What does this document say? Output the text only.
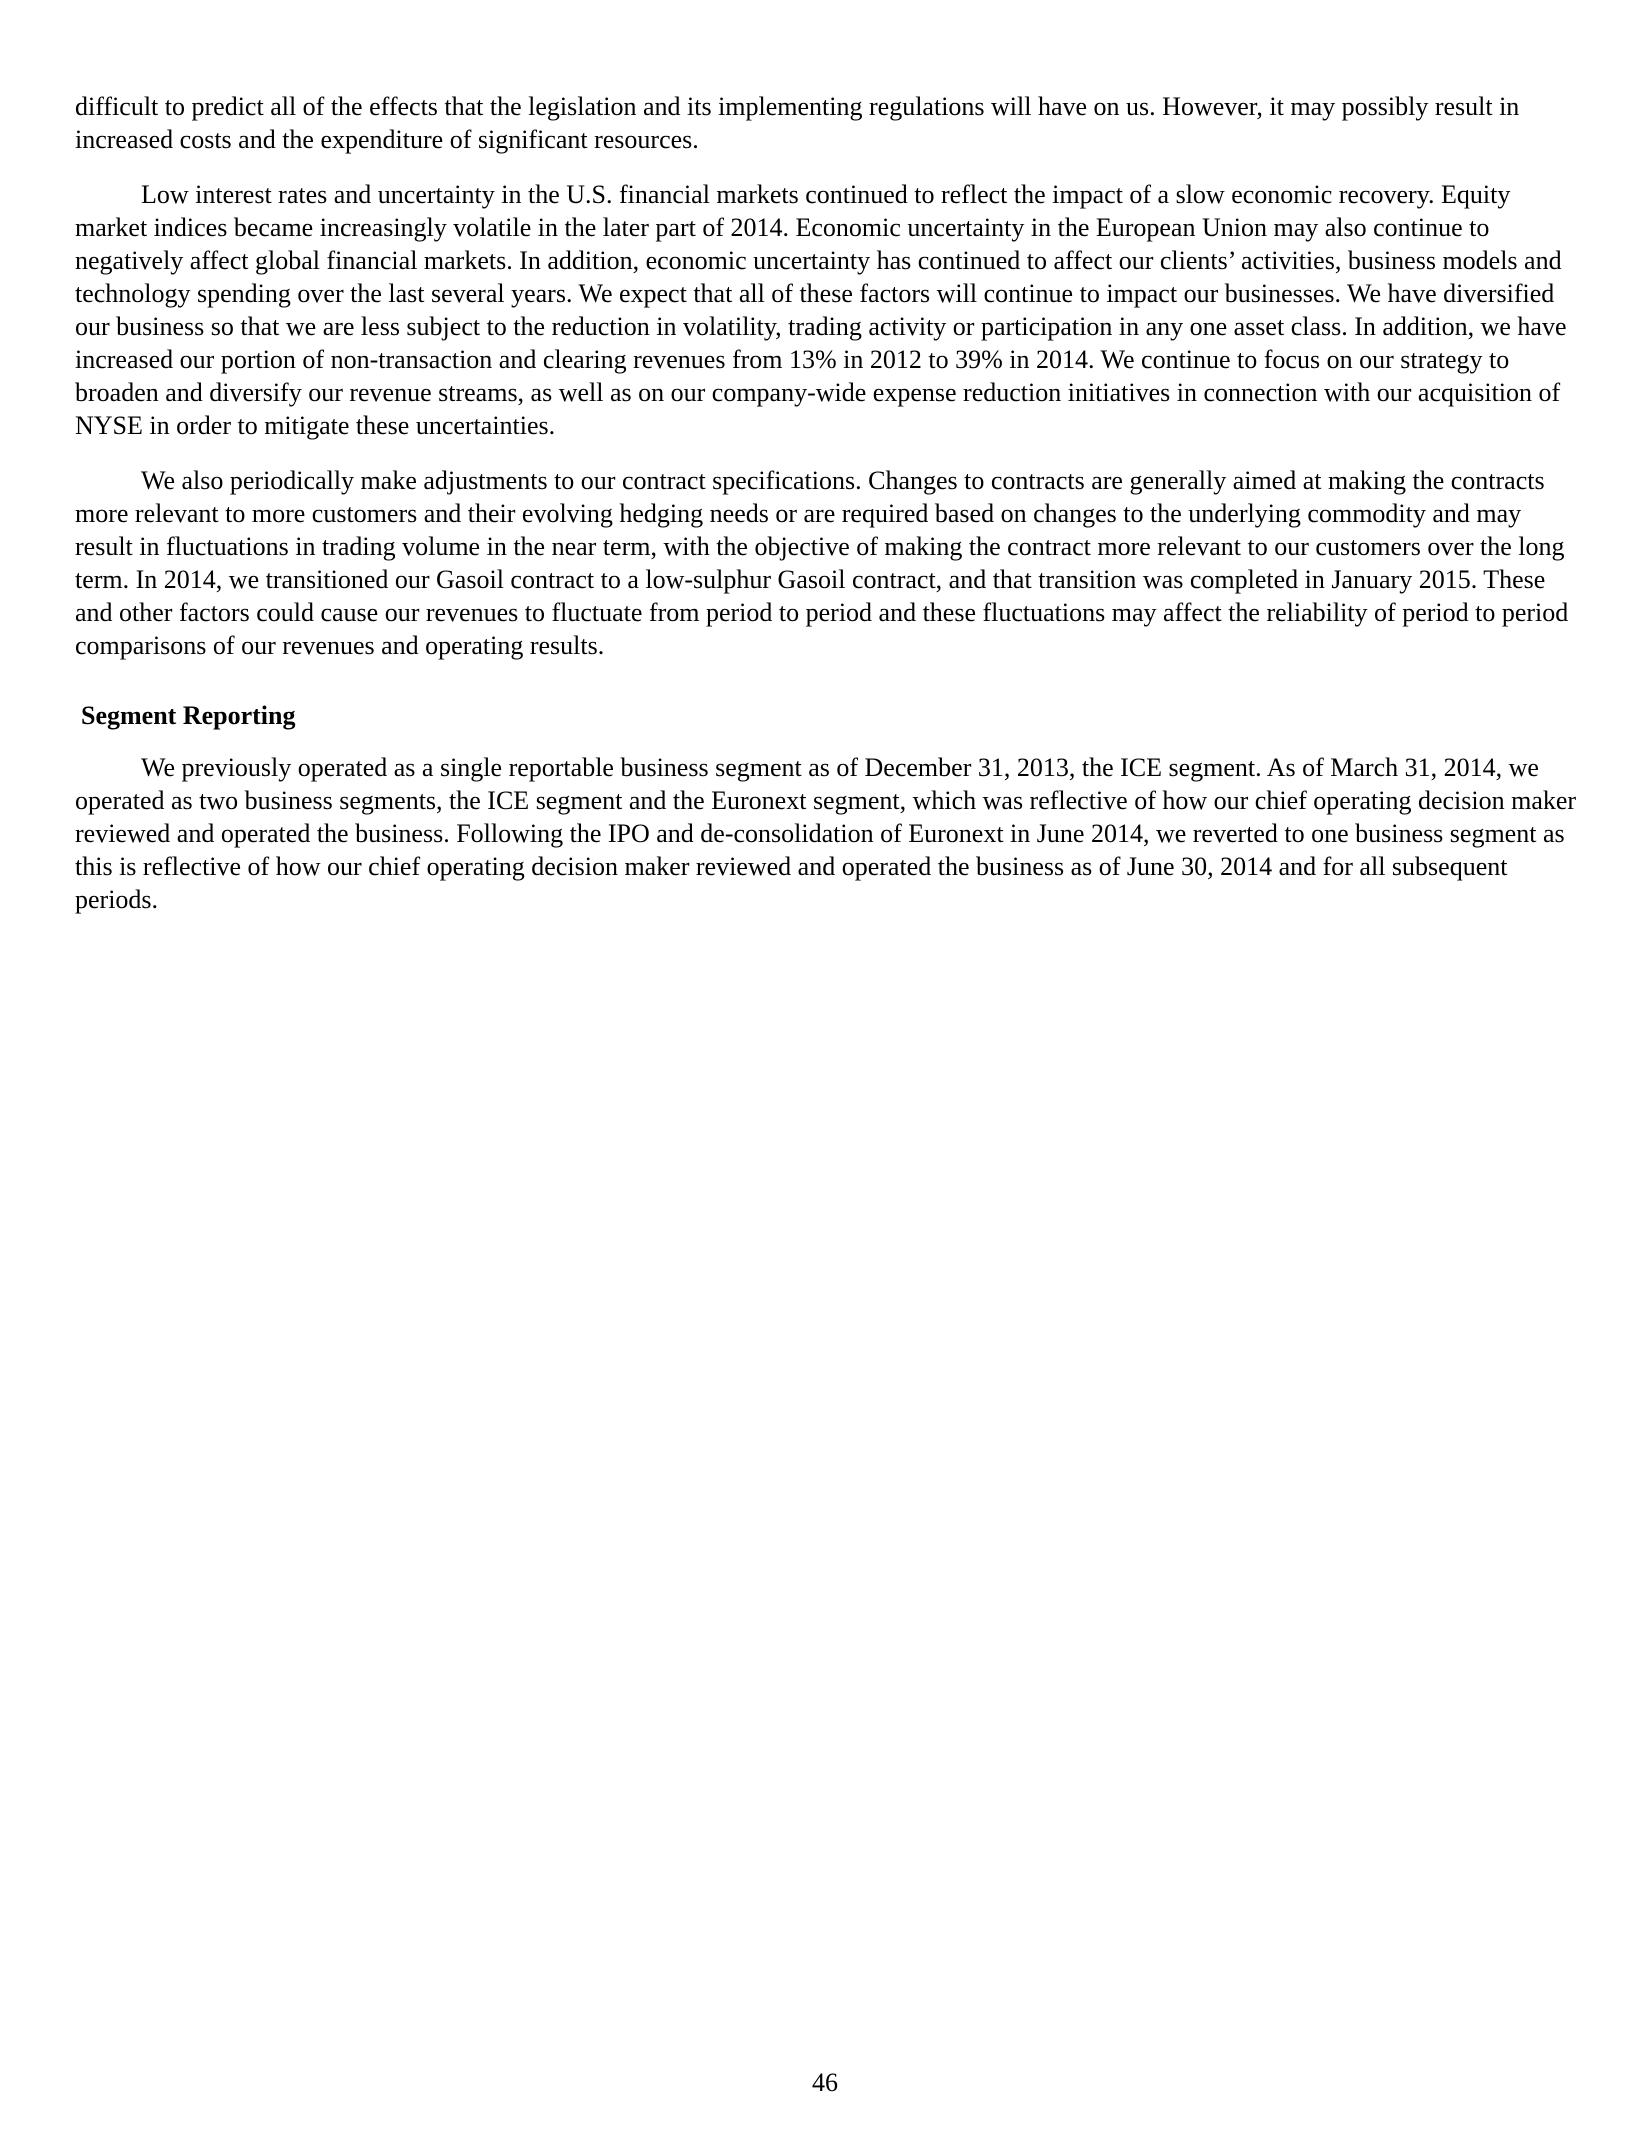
difficult to predict all of the effects that the legislation and its implementing regulations will have on us. However, it may possibly result in increased costs and the expenditure of significant resources.

Low interest rates and uncertainty in the U.S. financial markets continued to reflect the impact of a slow economic recovery. Equity market indices became increasingly volatile in the later part of 2014. Economic uncertainty in the European Union may also continue to negatively affect global financial markets. In addition, economic uncertainty has continued to affect our clients’ activities, business models and technology spending over the last several years. We expect that all of these factors will continue to impact our businesses. We have diversified our business so that we are less subject to the reduction in volatility, trading activity or participation in any one asset class. In addition, we have increased our portion of non-transaction and clearing revenues from 13% in 2012 to 39% in 2014. We continue to focus on our strategy to broaden and diversify our revenue streams, as well as on our company-wide expense reduction initiatives in connection with our acquisition of NYSE in order to mitigate these uncertainties.

We also periodically make adjustments to our contract specifications. Changes to contracts are generally aimed at making the contracts more relevant to more customers and their evolving hedging needs or are required based on changes to the underlying commodity and may result in fluctuations in trading volume in the near term, with the objective of making the contract more relevant to our customers over the long term. In 2014, we transitioned our Gasoil contract to a low-sulphur Gasoil contract, and that transition was completed in January 2015. These and other factors could cause our revenues to fluctuate from period to period and these fluctuations may affect the reliability of period to period comparisons of our revenues and operating results.

Segment Reporting

We previously operated as a single reportable business segment as of December 31, 2013, the ICE segment. As of March 31, 2014, we operated as two business segments, the ICE segment and the Euronext segment, which was reflective of how our chief operating decision maker reviewed and operated the business. Following the IPO and de-consolidation of Euronext in June 2014, we reverted to one business segment as this is reflective of how our chief operating decision maker reviewed and operated the business as of June 30, 2014 and for all subsequent periods.

46
